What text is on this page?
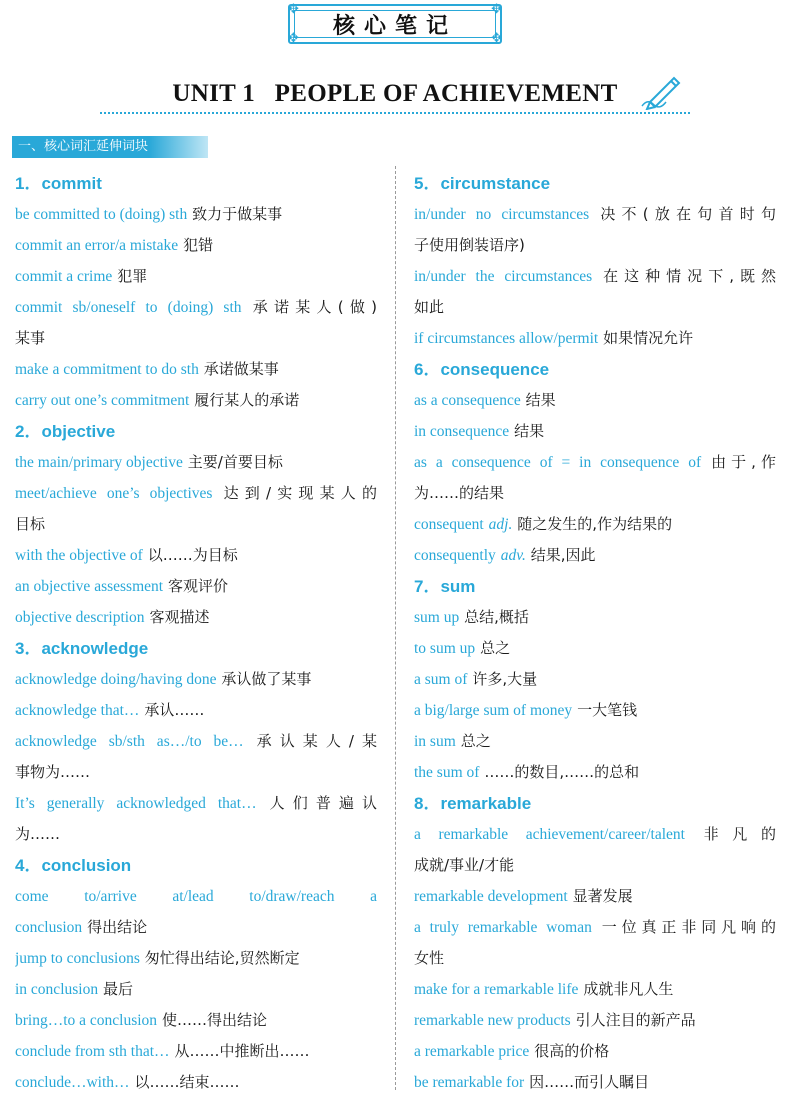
✥	✥
✥	✥
核心笔记
UNIT 1   PEOPLE OF ACHIEVEMENT
一、核心词汇延伸词块
1．commit
be committed to (doing) sth 致力于做某事
commit an error/a mistake 犯错
commit a crime 犯罪
commit sb/oneself to (doing) sth 承诺某人(做)
某事
make a commitment to do sth 承诺做某事
carry out one’s commitment 履行某人的承诺
2．objective
the main/primary objective 主要/首要目标
meet/achieve one’s objectives 达到/实现某人的
目标
with the objective of 以……为目标
an objective assessment 客观评价
objective description 客观描述
3．acknowledge
acknowledge doing/having done 承认做了某事
acknowledge that… 承认……
acknowledge sb/sth as…/to be… 承认某人/某
事物为……
It’s generally acknowledged that… 人们普遍认
为……
4．conclusion
come to/arrive at/lead to/draw/reach a
conclusion 得出结论
jump to conclusions 匆忙得出结论,贸然断定
in conclusion 最后
bring…to a conclusion 使……得出结论
conclude from sth that… 从……中推断出……
conclude…with… 以……结束……
5．circumstance
in/under no circumstances 决不(放在句首时句
子使用倒装语序)
in/under the circumstances 在这种情况下,既然
如此
if circumstances allow/permit 如果情况允许
6．consequence
as a consequence 结果
in consequence 结果
as a consequence of = in consequence of 由于,作
为……的结果
consequent adj. 随之发生的,作为结果的
consequently adv. 结果,因此
7．sum
sum up 总结,概括
to sum up 总之
a sum of 许多,大量
a big/large sum of money 一大笔钱
in sum 总之
the sum of ……的数目,……的总和
8．remarkable
a remarkable achievement/career/talent 非凡的
成就/事业/才能
remarkable development 显著发展
a truly remarkable woman 一位真正非同凡响的
女性
make for a remarkable life 成就非凡人生
remarkable new products 引人注目的新产品
a remarkable price 很高的价格
be remarkable for 因……而引人瞩目
